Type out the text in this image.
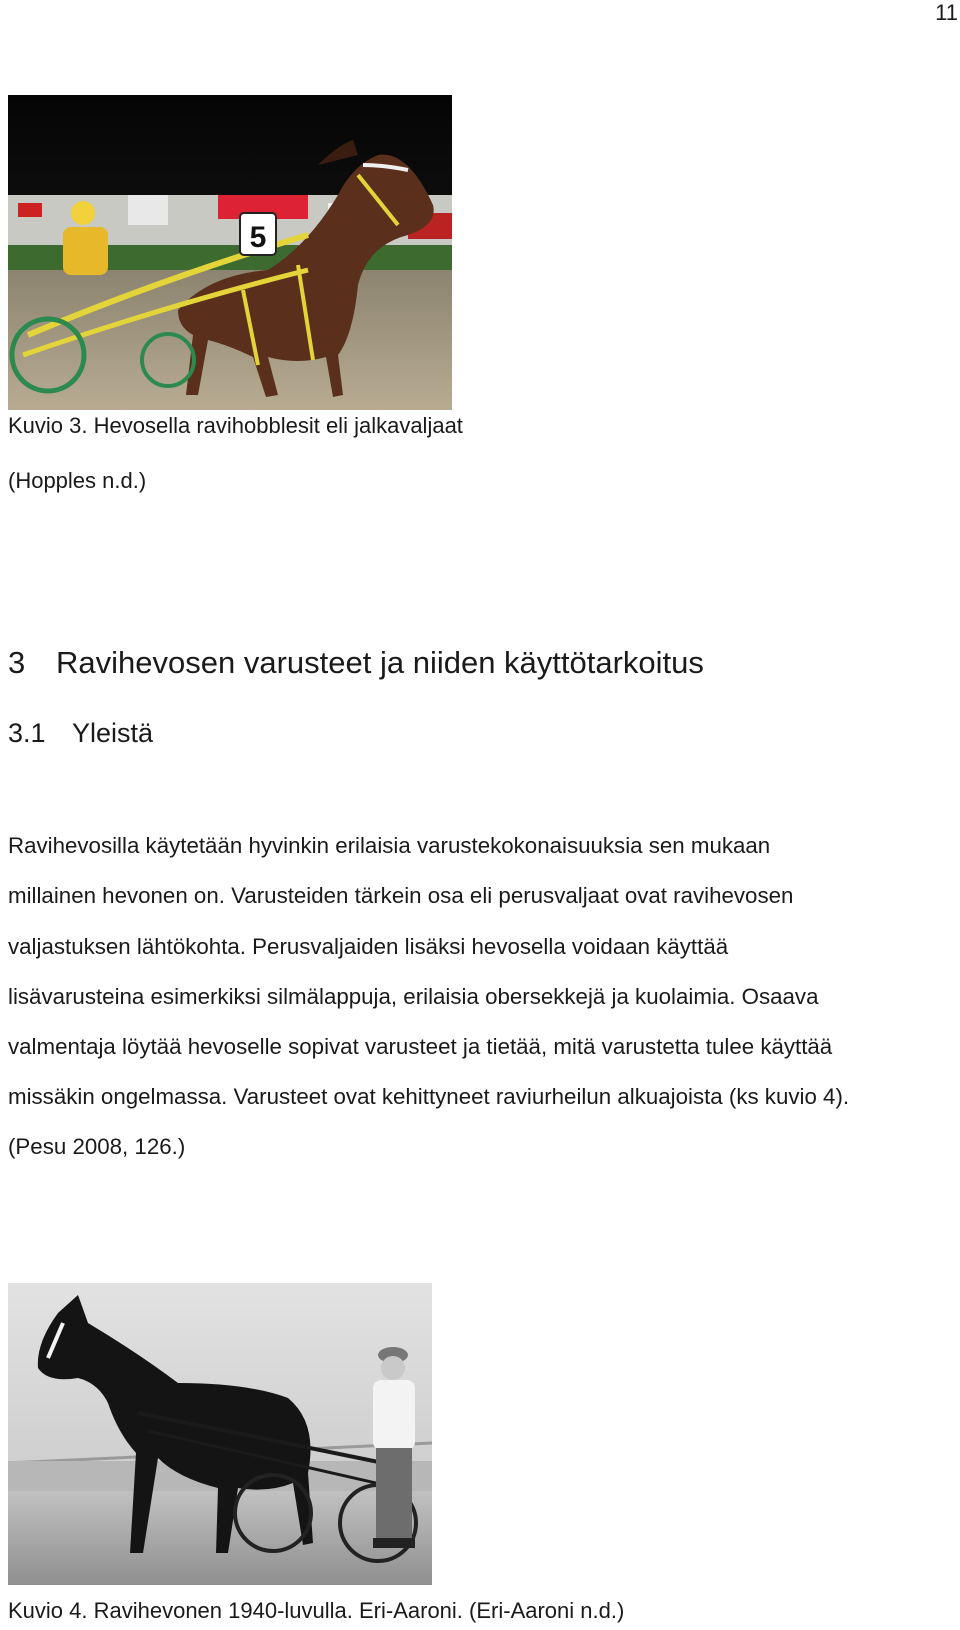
11
5
Kuvio 3. Hevosella ravihobblesit eli jalkavaljaat
(Hopples n.d.)
3 Ravihevosen varusteet ja niiden käyttötarkoitus
3.1 Yleistä
Ravihevosilla käytetään hyvinkin erilaisia varustekokonaisuuksia sen mukaan
millainen hevonen on. Varusteiden tärkein osa eli perusvaljaat ovat ravihevosen
valjastuksen lähtökohta. Perusvaljaiden lisäksi hevosella voidaan käyttää
lisävarusteina esimerkiksi silmälappuja, erilaisia obersekkejä ja kuolaimia. Osaava
valmentaja löytää hevoselle sopivat varusteet ja tietää, mitä varustetta tulee käyttää
missäkin ongelmassa. Varusteet ovat kehittyneet raviurheilun alkuajoista (ks kuvio 4).
(Pesu 2008, 126.)
Kuvio 4. Ravihevonen 1940-luvulla. Eri-Aaroni. (Eri-Aaroni n.d.)
